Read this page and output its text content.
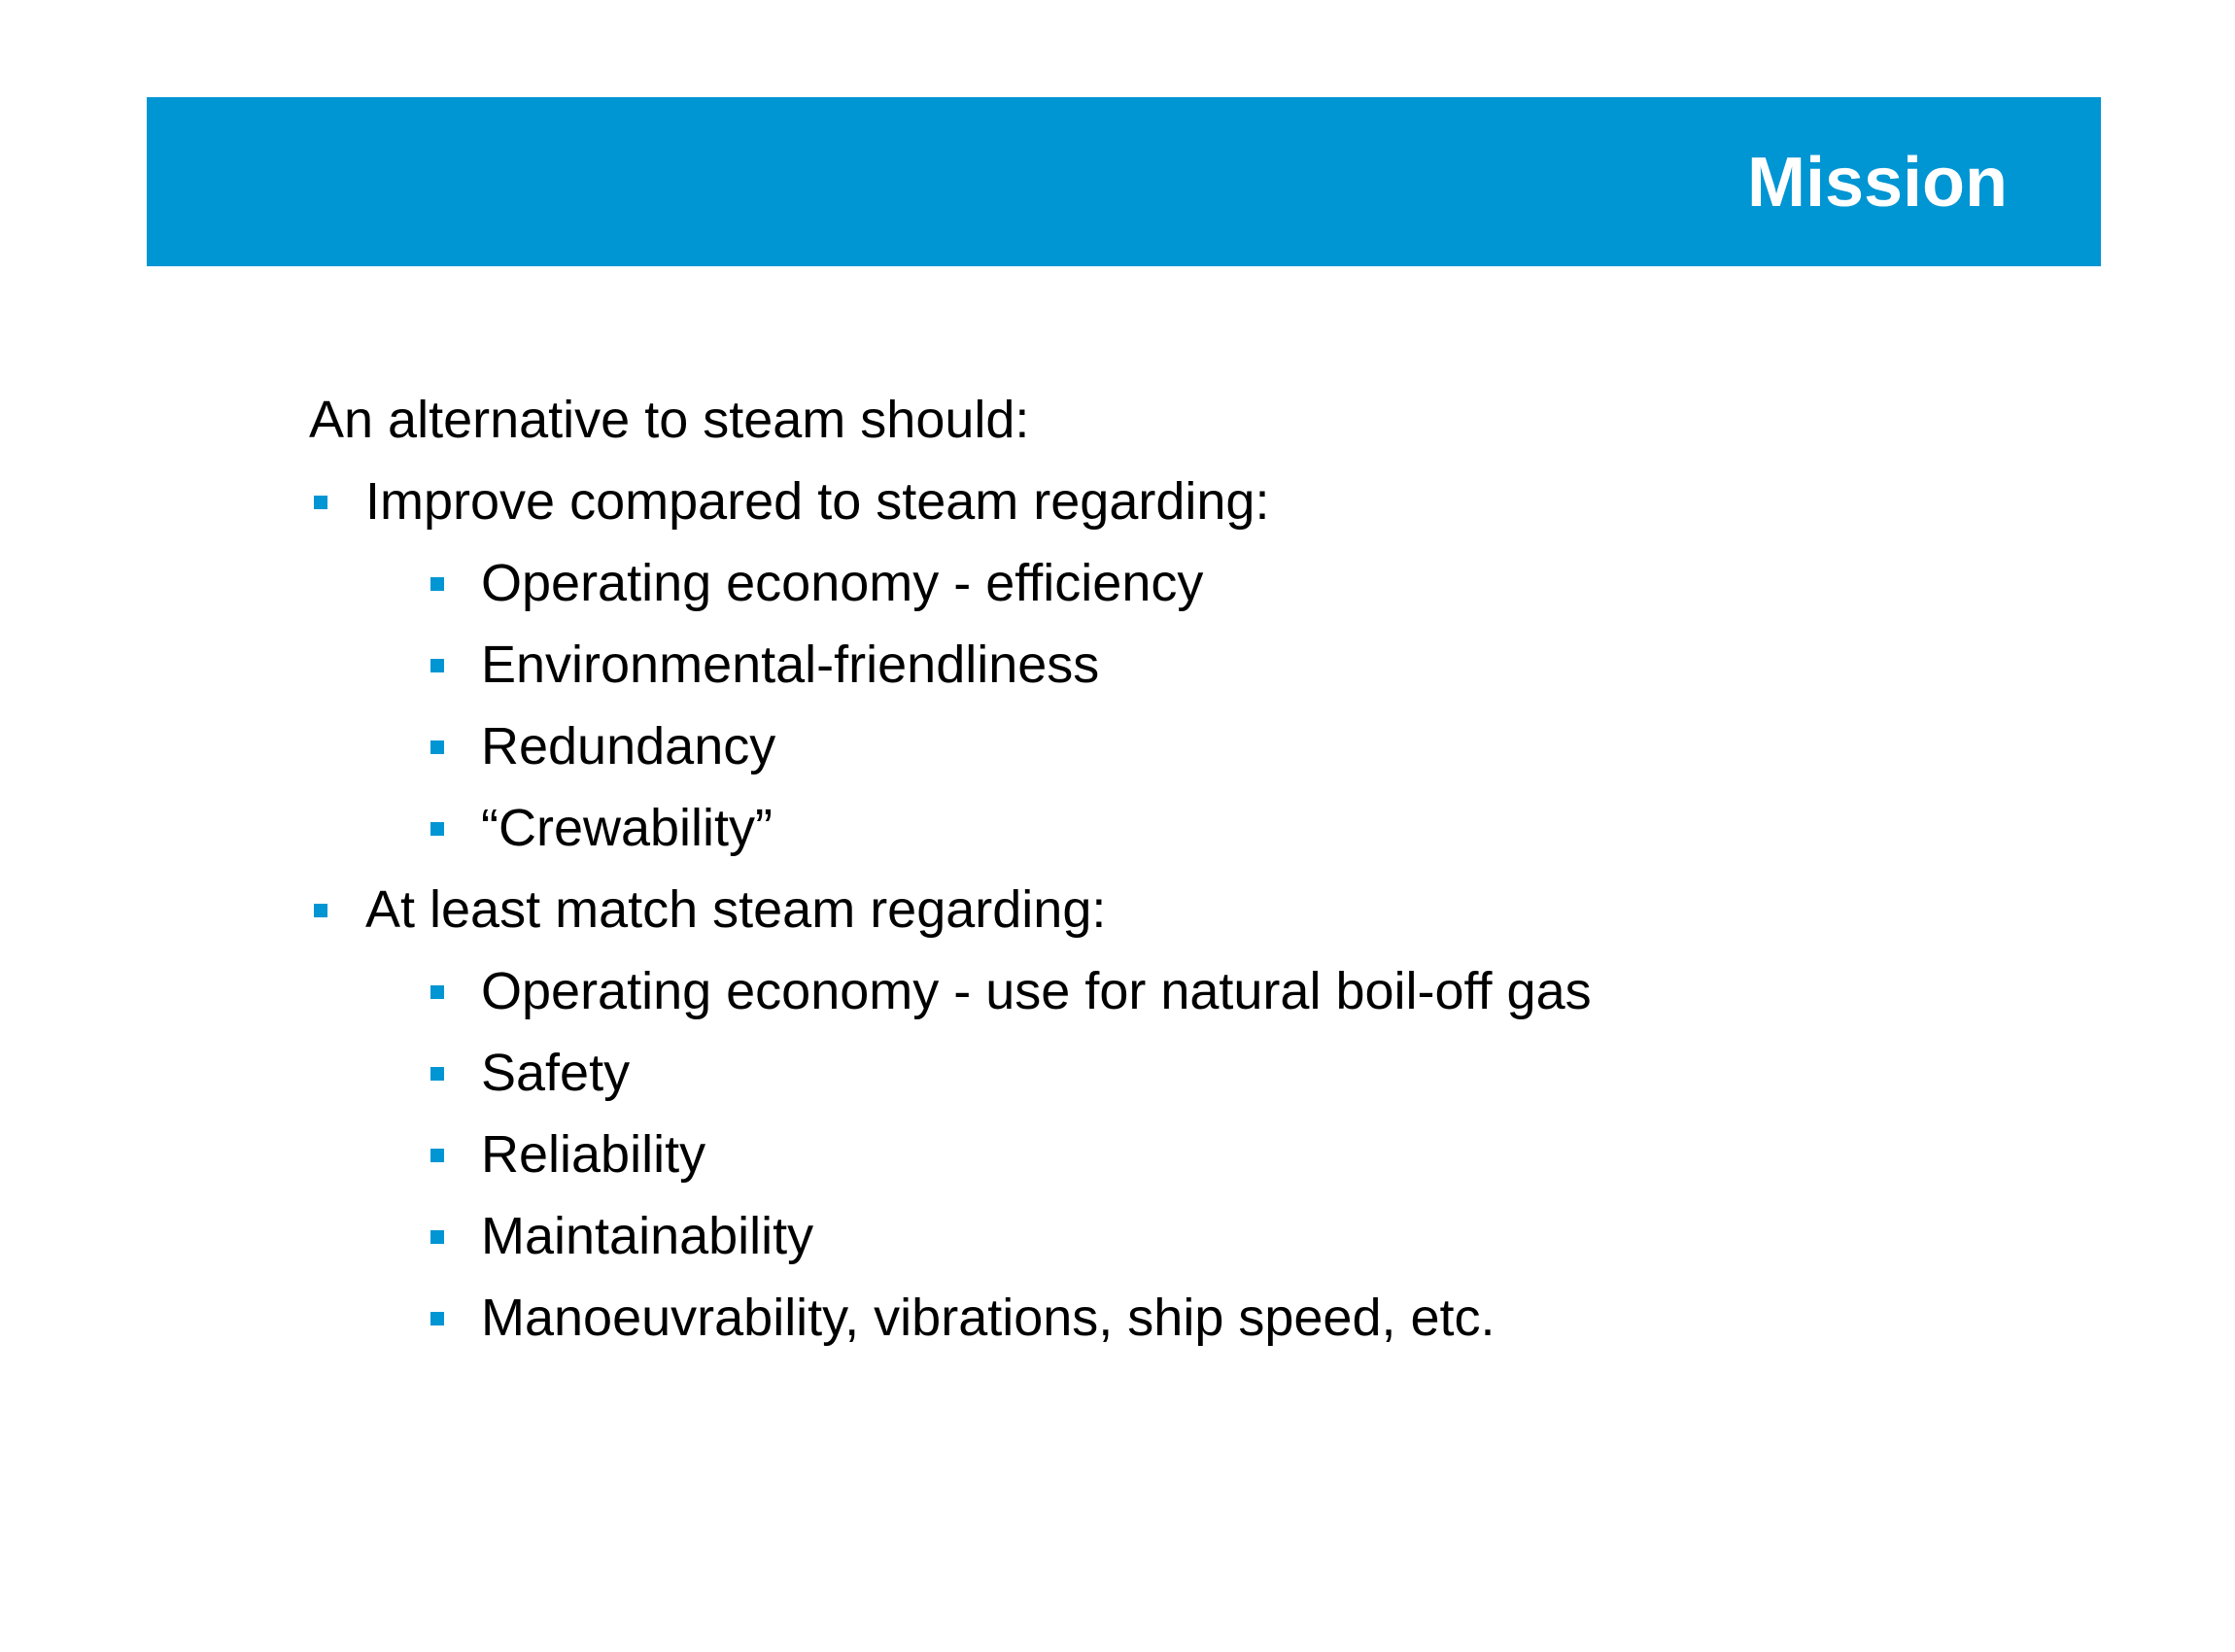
Mission
An alternative to steam should:
Improve compared to steam regarding:
Operating economy - efficiency
Environmental-friendliness
Redundancy
“Crewability”
At least match steam regarding:
Operating economy - use for natural boil-off gas
Safety
Reliability
Maintainability
Manoeuvrability, vibrations, ship speed, etc.
